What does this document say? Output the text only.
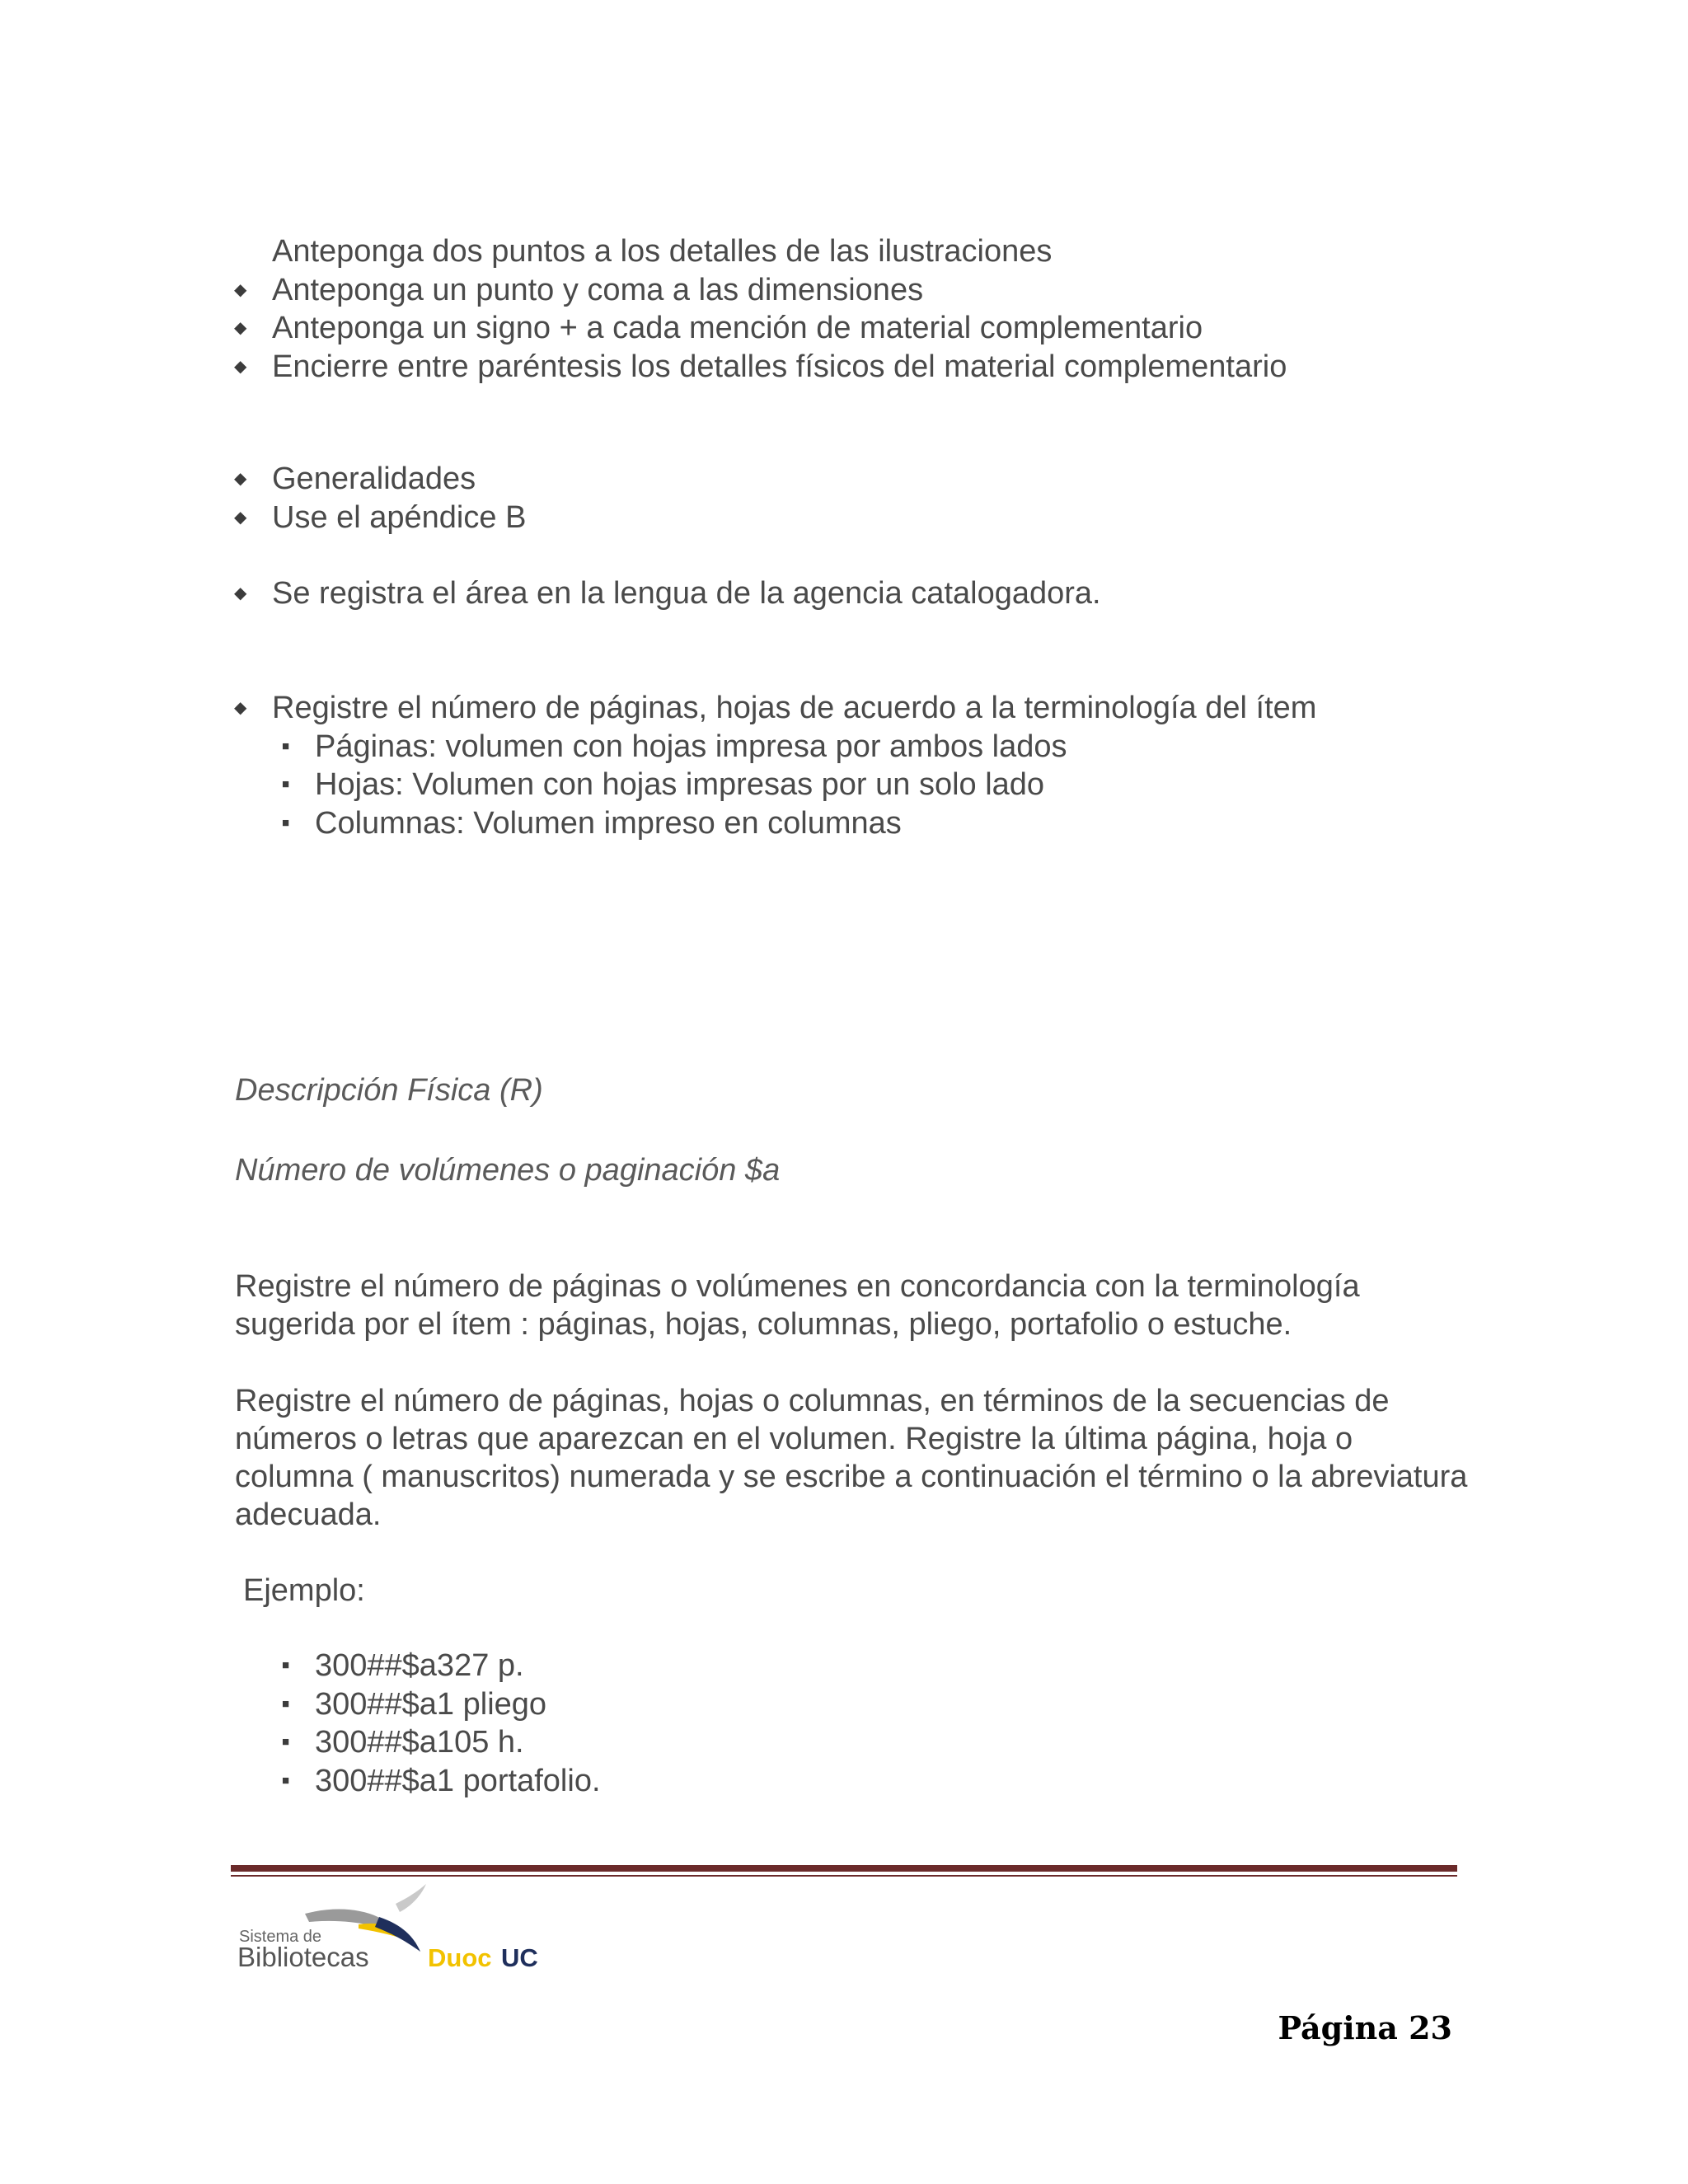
Anteponga dos puntos a los detalles de las ilustraciones
◆ Anteponga un punto y coma a las dimensiones
◆ Anteponga un signo + a cada mención de material complementario
◆ Encierre entre paréntesis los detalles físicos del material complementario
◆ Generalidades
◆ Use el apéndice B
◆ Se registra el área en la lengua de la agencia catalogadora.
◆ Registre el número de páginas, hojas de acuerdo a la terminología del ítem
■ Páginas: volumen con hojas impresa por ambos lados
■ Hojas: Volumen con hojas impresas por un solo lado
■ Columnas: Volumen impreso en columnas
Descripción Física (R)
Número de volúmenes o paginación $a

Registre el número de páginas o volúmenes en concordancia con la terminología sugerida por el ítem : páginas, hojas, columnas, pliego, portafolio o estuche.

Registre el número de páginas, hojas o columnas, en términos de la secuencias de números o letras que aparezcan en el volumen. Registre la última página, hoja o columna ( manuscritos) numerada y se escribe a continuación el término o la abreviatura adecuada.

Ejemplo:

■ 300##$a327 p.
■ 300##$a1 pliego
■ 300##$a105 h.
■ 300##$a1 portafolio.
Sistema de
Bibliotecas Duoc UC

Página 23
